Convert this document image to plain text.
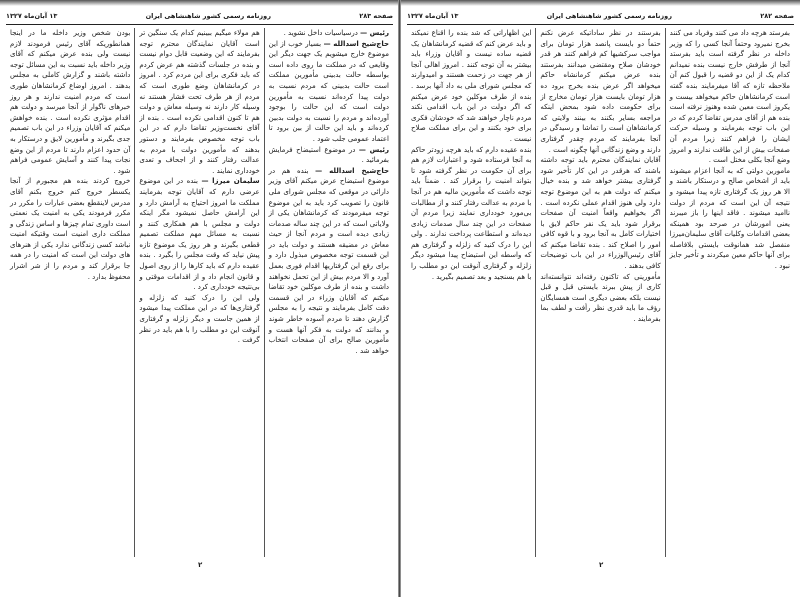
صفحه ۲۸۳
روزنامه رسمی کشور شاهنشاهی ایران
۱۳ آبان‌ماه ۱۳۲۷

رئیس — درسیاسیات داخل نشوید .

حاج‌شیخ اسدالله — بسیار خوب از این موضوع خارج میشویم یک جهت دیگر این وقایعی که در مملکت ما روی داده است بواسطه حالت بدبینی مأمورین مملکت است حالت بدبینی که مردم نسبت به دولت پیدا کرده‌اند نسبت به مأمورین دولت است که این حالت را بوجود آورده‌اند و مردم را نسبت به دولت بدبین کرده‌اند و باید این حالت از بین برود تا اعتماد عمومی جلب شود .

رئیس — در موضوع استیضاح فرمایش بفرمائید .

حاج‌شیخ اسدالله — بنده هم در موضوع استیضاح عرض میکنم آقای وزیر دارائی در موقعی که مجلس شورای ملی قانون را تصویب کرد باید به این موضوع توجه میفرمودند که کرمانشاهان یکی از ولایاتی است که در این چند ساله صدمات زیادی دیده است و مردم آنجا از حیث معاش در مضیقه هستند و دولت باید در این قسمت توجه مخصوص مبذول دارد و برای رفع این گرفتاریها اقدام فوری بعمل آورد و الا مردم بیش از این تحمل نخواهند داشت و بنده از طرف موکلین خود تقاضا میکنم که آقایان وزراء در این قسمت دقت کامل بفرمایند و نتیجه را به مجلس گزارش دهند تا مردم آسوده خاطر شوند و بدانند که دولت به فکر آنها هست و مأمورین صالح برای آن صفحات انتخاب خواهد شد .

هم مولاء میگیم ببینیم کدام یک سنگین تر است آقایان نمایندگان محترم توجه بفرمایند که این وضعیت قابل دوام نیست و بنده در جلسات گذشته هم عرض کردم که باید فکری برای این مردم کرد . امروز در کرمانشاهان وضع طوری است که مردم از هر طرف تحت فشار هستند نه وسیله کار دارند نه وسیله معاش و دولت هم تا کنون اقدامی نکرده است . بنده از آقای نخست‌وزیر تقاضا دارم که در این باب توجه مخصوص بفرمایند و دستور بدهند که مأمورین دولت با مردم به عدالت رفتار کنند و از اجحاف و تعدی خودداری نمایند .

سلیمان میرزا — بنده در این موضوع عرضی دارم که آقایان توجه بفرمایند مملکت ما امروز احتیاج به آرامش دارد و این آرامش حاصل نمیشود مگر اینکه دولت و مجلس با هم همکاری کنند و نسبت به مسائل مهم مملکت تصمیم قطعی بگیرند و هر روز یک موضوع تازه پیش نیاید که وقت مجلس را بگیرد . بنده عقیده دارم که باید کارها را از روی اصول و قانون انجام داد و از اقدامات موقتی و بی‌نتیجه خودداری کرد .

ولی این را درک کنید که زلزله و گرفتاری‌ها که در این مملکت پیدا میشود از همین جاست و دیگر زلزله و گرفتاری آنوقت این دو مطلب را با هم باید در نظر گرفت .

بودن شخص وزیر داخله ما در اینجا همانطوریکه آقای رئیس فرمودند لازم نیست ولی بنده عرض میکنم که آقای وزیر داخله باید نسبت به این مسائل توجه داشته باشند و گزارش کاملی به مجلس بدهند . امروز اوضاع کرمانشاهان طوری است که مردم امنیت ندارند و هر روز خبرهای ناگوار از آنجا میرسد و دولت هم اقدام مؤثری نکرده است . بنده خواهش میکنم که آقایان وزراء در این باب تصمیم جدی بگیرند و مأمورین لایق و درستکار به آن حدود اعزام دارند تا مردم از این وضع نجات پیدا کنند و آسایش عمومی فراهم شود .

خروج کردند بنده هم مجبورم از آنجا یکسطر خروج کنم خروج بکنم آقای مدرس لاینقطع بعضی عبارات را مکرر در مکرر فرمودند یکی به امنیت یک نعمتی است داوری تمام چیزها و اساس زندگی و مملکت داری امنیت است وقتیکه امنیت نباشد کسی زندگانی ندارد یکی از هنرهای های دولت این است که امنیت را در همه جا برقرار کند و مردم را از شر اشرار محفوظ بدارد .

۲
صفحه ۲۸۲
روزنامه رسمی کشور شاهنشاهی ایران
۱۳ آبان‌ماه ۱۳۲۷

بفرستد هرچه داد می کنند وفریاد می کنند بخرج نمیرود وحتماً آنجا کسی را که وزیر داخله در نظر گرفته است باید بفرستد آنجا از طرفش خارج نیست بنده نمیدانم کدام یک از این دو قضیه را قبول کنم آن ملاحظه تازه که آقا میفرمایند بنده گفته است کرمانشاهان حاکم میخواهد بیست و یکروز است معین شده وهنوز نرفته است بنده هم از آقای مدرس تقاضا کردم که در این باب توجه بفرمایند و وسیله حرکت ایشان را فراهم کنند زیرا مردم آن صفحات بیش از این طاقت ندارند و امروز وضع آنجا بکلی مختل است .

مامورین دولتی که به آنجا اعزام میشوند باید از اشخاص صالح و درستکار باشند و الا هر روز یک گرفتاری تازه پیدا میشود و نتیجه آن این است که مردم از دولت ناامید میشوند . فاقد اینها را باز میبرند یعنی امورشان در صرحد بود همینکه بعضی اقدامات وکلیات آقای سلیمان‌میرزا منفصل شد همانوقت بایستی بلافاصله برای آنها حاکم معین میکردند و تأخیر جایز نبود .

بفرستند در نظر ساداتیکه عرض نکنم حتماً دو بایست پانصد هزار تومان برای مواجب سرکشیها کم فراهم کنند هر قدر خودشان صلاح ومقتضی میدانند بفرستند بنده عرض میکنم کرمانشاه حاکم میخواهد اگر عرض بنده بخرج برود ده هزار تومان بایست هزار تومان مخارج از برای حکومت داده شود بمحض اینکه مراجعه بسایر بکنند به بینند ولایتی که کرمانشاهان است را تماشا و رسیدگی در آنجا بفرمایند که مردم چقدر گرفتاری دارند و وضع زندگانی آنها چگونه است .

آقایان نمایندگان محترم باید توجه داشته باشند که هرقدر در این کار تأخیر شود گرفتاری بیشتر خواهد شد و بنده خیال میکنم که دولت هم به این موضوع توجه دارد ولی هنوز اقدام عملی نکرده است . اگر بخواهیم واقعاً امنیت آن صفحات برقرار شود باید یک نفر حاکم لایق با اختیارات کامل به آنجا برود و با قوه کافی امور را اصلاح کند . بنده تقاضا میکنم که آقای رئیس‌الوزراء در این باب توضیحات کافی بدهند .

مأمورینی که تاکنون رفته‌اند نتوانسته‌اند کاری از پیش ببرند بایستی قبل و قبل نیست بلکه بعضی دیگری است همسایگان رؤف ما باید قدری نظر رأفت و لطف بما بفرمایند .

این اظهاراتی که شد بنده را اقناع نمیکند و باید عرض کنم که قضیه کرمانشاهان یک قضیه ساده نیست و آقایان وزراء باید بیشتر به آن توجه کنند . امروز اهالی آنجا از هر جهت در زحمت هستند و امیدوارند که مجلس شورای ملی به داد آنها برسد . بنده از طرف موکلین خود عرض میکنم که اگر دولت در این باب اقدامی نکند مردم ناچار خواهند شد که خودشان فکری برای خود بکنند و این برای مملکت صلاح نیست .

بنده عقیده دارم که باید هرچه زودتر حاکم به آنجا فرستاده شود و اعتبارات لازم هم برای آن حکومت در نظر گرفته شود تا بتواند امنیت را برقرار کند . ضمناً باید توجه داشت که مأمورین مالیه هم در آنجا با مردم به عدالت رفتار کنند و از مطالبات بی‌مورد خودداری نمایند زیرا مردم آن صفحات در این چند سال صدمات زیادی دیده‌اند و استطاعت پرداخت ندارند . ولی این را درک کنید که زلزله و گرفتاری هم که واسطه این استیضاح پیدا میشود دیگر زلزله و گرفتاری آنوقت این دو مطلب را با هم بسنجید و بعد تصمیم بگیرید .

۲
